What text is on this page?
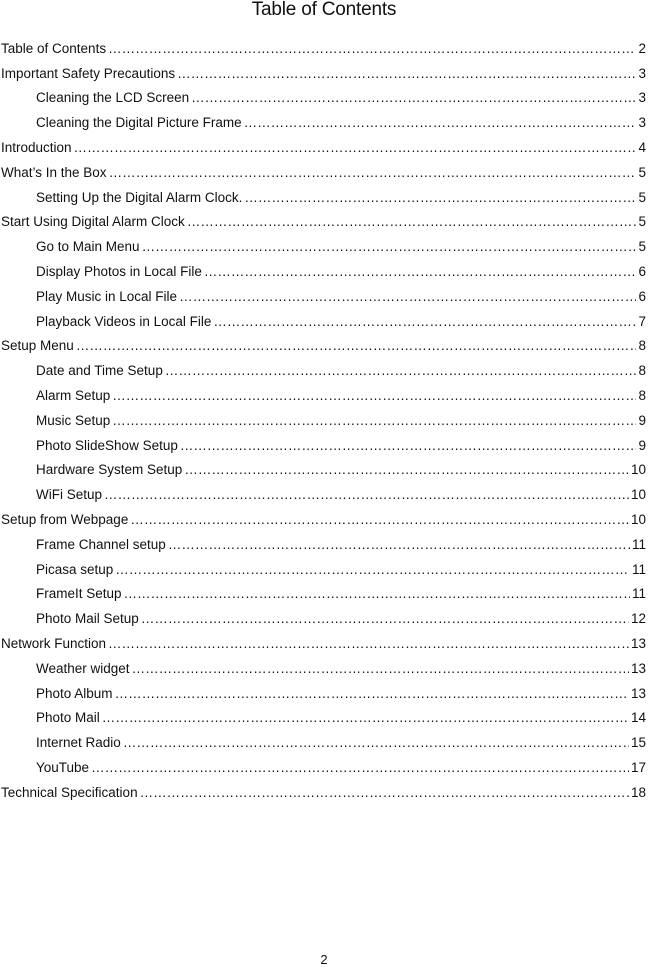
Table of Contents
Table of Contents …………………………………………………………………………………………………………………………………………………………………………………………………………………	2
Important Safety Precautions …………………………………………………………………………………………………………………………………………………………………………………………………………………	3
Cleaning the LCD Screen …………………………………………………………………………………………………………………………………………………………………………………………………………………	3
Cleaning the Digital Picture Frame …………………………………………………………………………………………………………………………………………………………………………………………………………………	3
Introduction …………………………………………………………………………………………………………………………………………………………………………………………………………………	4
What’s In the Box …………………………………………………………………………………………………………………………………………………………………………………………………………………	5
Setting Up the Digital Alarm Clock. …………………………………………………………………………………………………………………………………………………………………………………………………………………	5
Start Using Digital Alarm Clock …………………………………………………………………………………………………………………………………………………………………………………………………………………	5
Go to Main Menu …………………………………………………………………………………………………………………………………………………………………………………………………………………	5
Display Photos in Local File …………………………………………………………………………………………………………………………………………………………………………………………………………………	6
Play Music in Local File …………………………………………………………………………………………………………………………………………………………………………………………………………………	6
Playback Videos in Local File …………………………………………………………………………………………………………………………………………………………………………………………………………………	7
Setup Menu …………………………………………………………………………………………………………………………………………………………………………………………………………………	8
Date and Time Setup …………………………………………………………………………………………………………………………………………………………………………………………………………………	8
Alarm Setup …………………………………………………………………………………………………………………………………………………………………………………………………………………	8
Music Setup …………………………………………………………………………………………………………………………………………………………………………………………………………………	9
Photo SlideShow Setup …………………………………………………………………………………………………………………………………………………………………………………………………………………	9
Hardware System Setup …………………………………………………………………………………………………………………………………………………………………………………………………………………	10
WiFi Setup …………………………………………………………………………………………………………………………………………………………………………………………………………………	10
Setup from Webpage …………………………………………………………………………………………………………………………………………………………………………………………………………………	10
Frame Channel setup …………………………………………………………………………………………………………………………………………………………………………………………………………………	11
Picasa setup …………………………………………………………………………………………………………………………………………………………………………………………………………………	11
FrameIt Setup …………………………………………………………………………………………………………………………………………………………………………………………………………………	11
Photo Mail Setup …………………………………………………………………………………………………………………………………………………………………………………………………………………	12
Network Function …………………………………………………………………………………………………………………………………………………………………………………………………………………	13
Weather widget …………………………………………………………………………………………………………………………………………………………………………………………………………………	13
Photo Album …………………………………………………………………………………………………………………………………………………………………………………………………………………	13
Photo Mail …………………………………………………………………………………………………………………………………………………………………………………………………………………	14
Internet Radio …………………………………………………………………………………………………………………………………………………………………………………………………………………	15
YouTube …………………………………………………………………………………………………………………………………………………………………………………………………………………	17
Technical Specification …………………………………………………………………………………………………………………………………………………………………………………………………………………	18
2
